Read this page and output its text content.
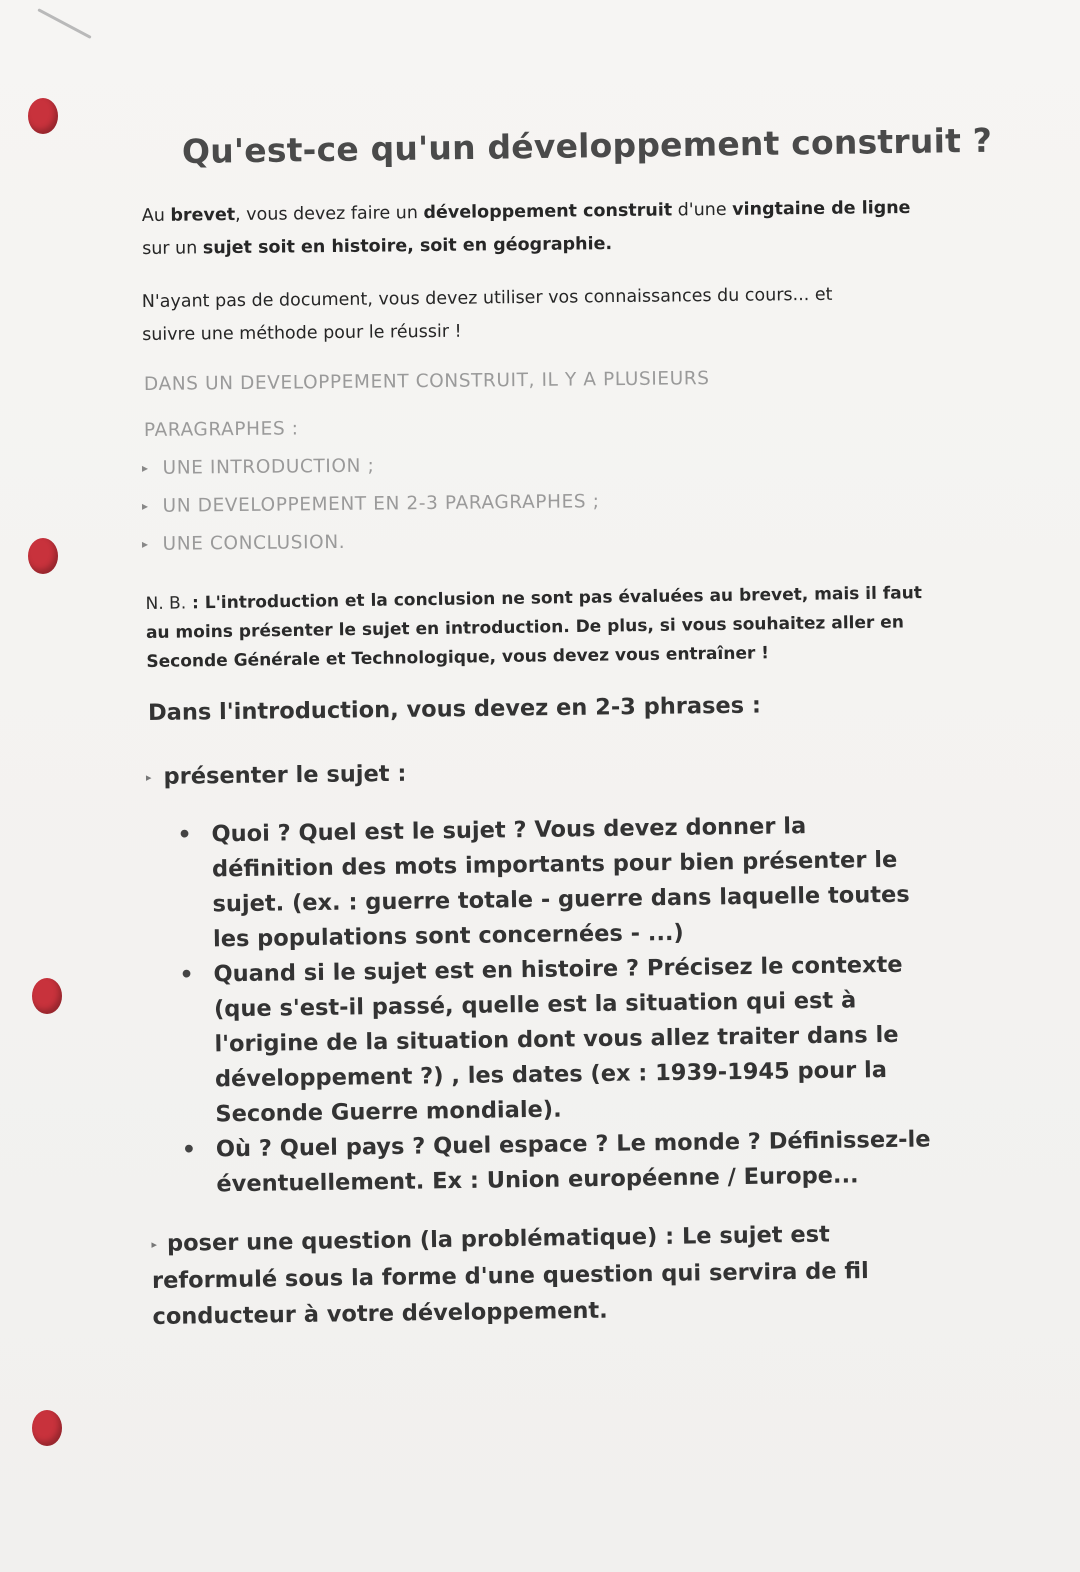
Qu'est-ce qu'un développement construit ?
Au brevet, vous devez faire un développement construit d'une vingtaine de ligne sur un sujet soit en histoire, soit en géographie.
N'ayant pas de document, vous devez utiliser vos connaissances du cours... et suivre une méthode pour le réussir !
DANS UN DEVELOPPEMENT CONSTRUIT, IL Y A PLUSIEURS
PARAGRAPHES :
▸ UNE INTRODUCTION ;
▸ UN DEVELOPPEMENT EN 2-3 PARAGRAPHES ;
▸ UNE CONCLUSION.
N. B. : L'introduction et la conclusion ne sont pas évaluées au brevet, mais il faut au moins présenter le sujet en introduction. De plus, si vous souhaitez aller en Seconde Générale et Technologique, vous devez vous entraîner !
Dans l'introduction, vous devez en 2-3 phrases :
▸ présenter le sujet :
• Quoi ? Quel est le sujet ? Vous devez donner la définition des mots importants pour bien présenter le sujet. (ex. : guerre totale - guerre dans laquelle toutes les populations sont concernées - ...)
• Quand si le sujet est en histoire ? Précisez le contexte (que s'est-il passé, quelle est la situation qui est à l'origine de la situation dont vous allez traiter dans le développement ?) , les dates (ex : 1939-1945 pour la Seconde Guerre mondiale).
• Où ? Quel pays ? Quel espace ? Le monde ? Définissez-le éventuellement. Ex : Union européenne / Europe...
▸ poser une question (la problématique) : Le sujet est reformulé sous la forme d'une question qui servira de fil conducteur à votre développement.
